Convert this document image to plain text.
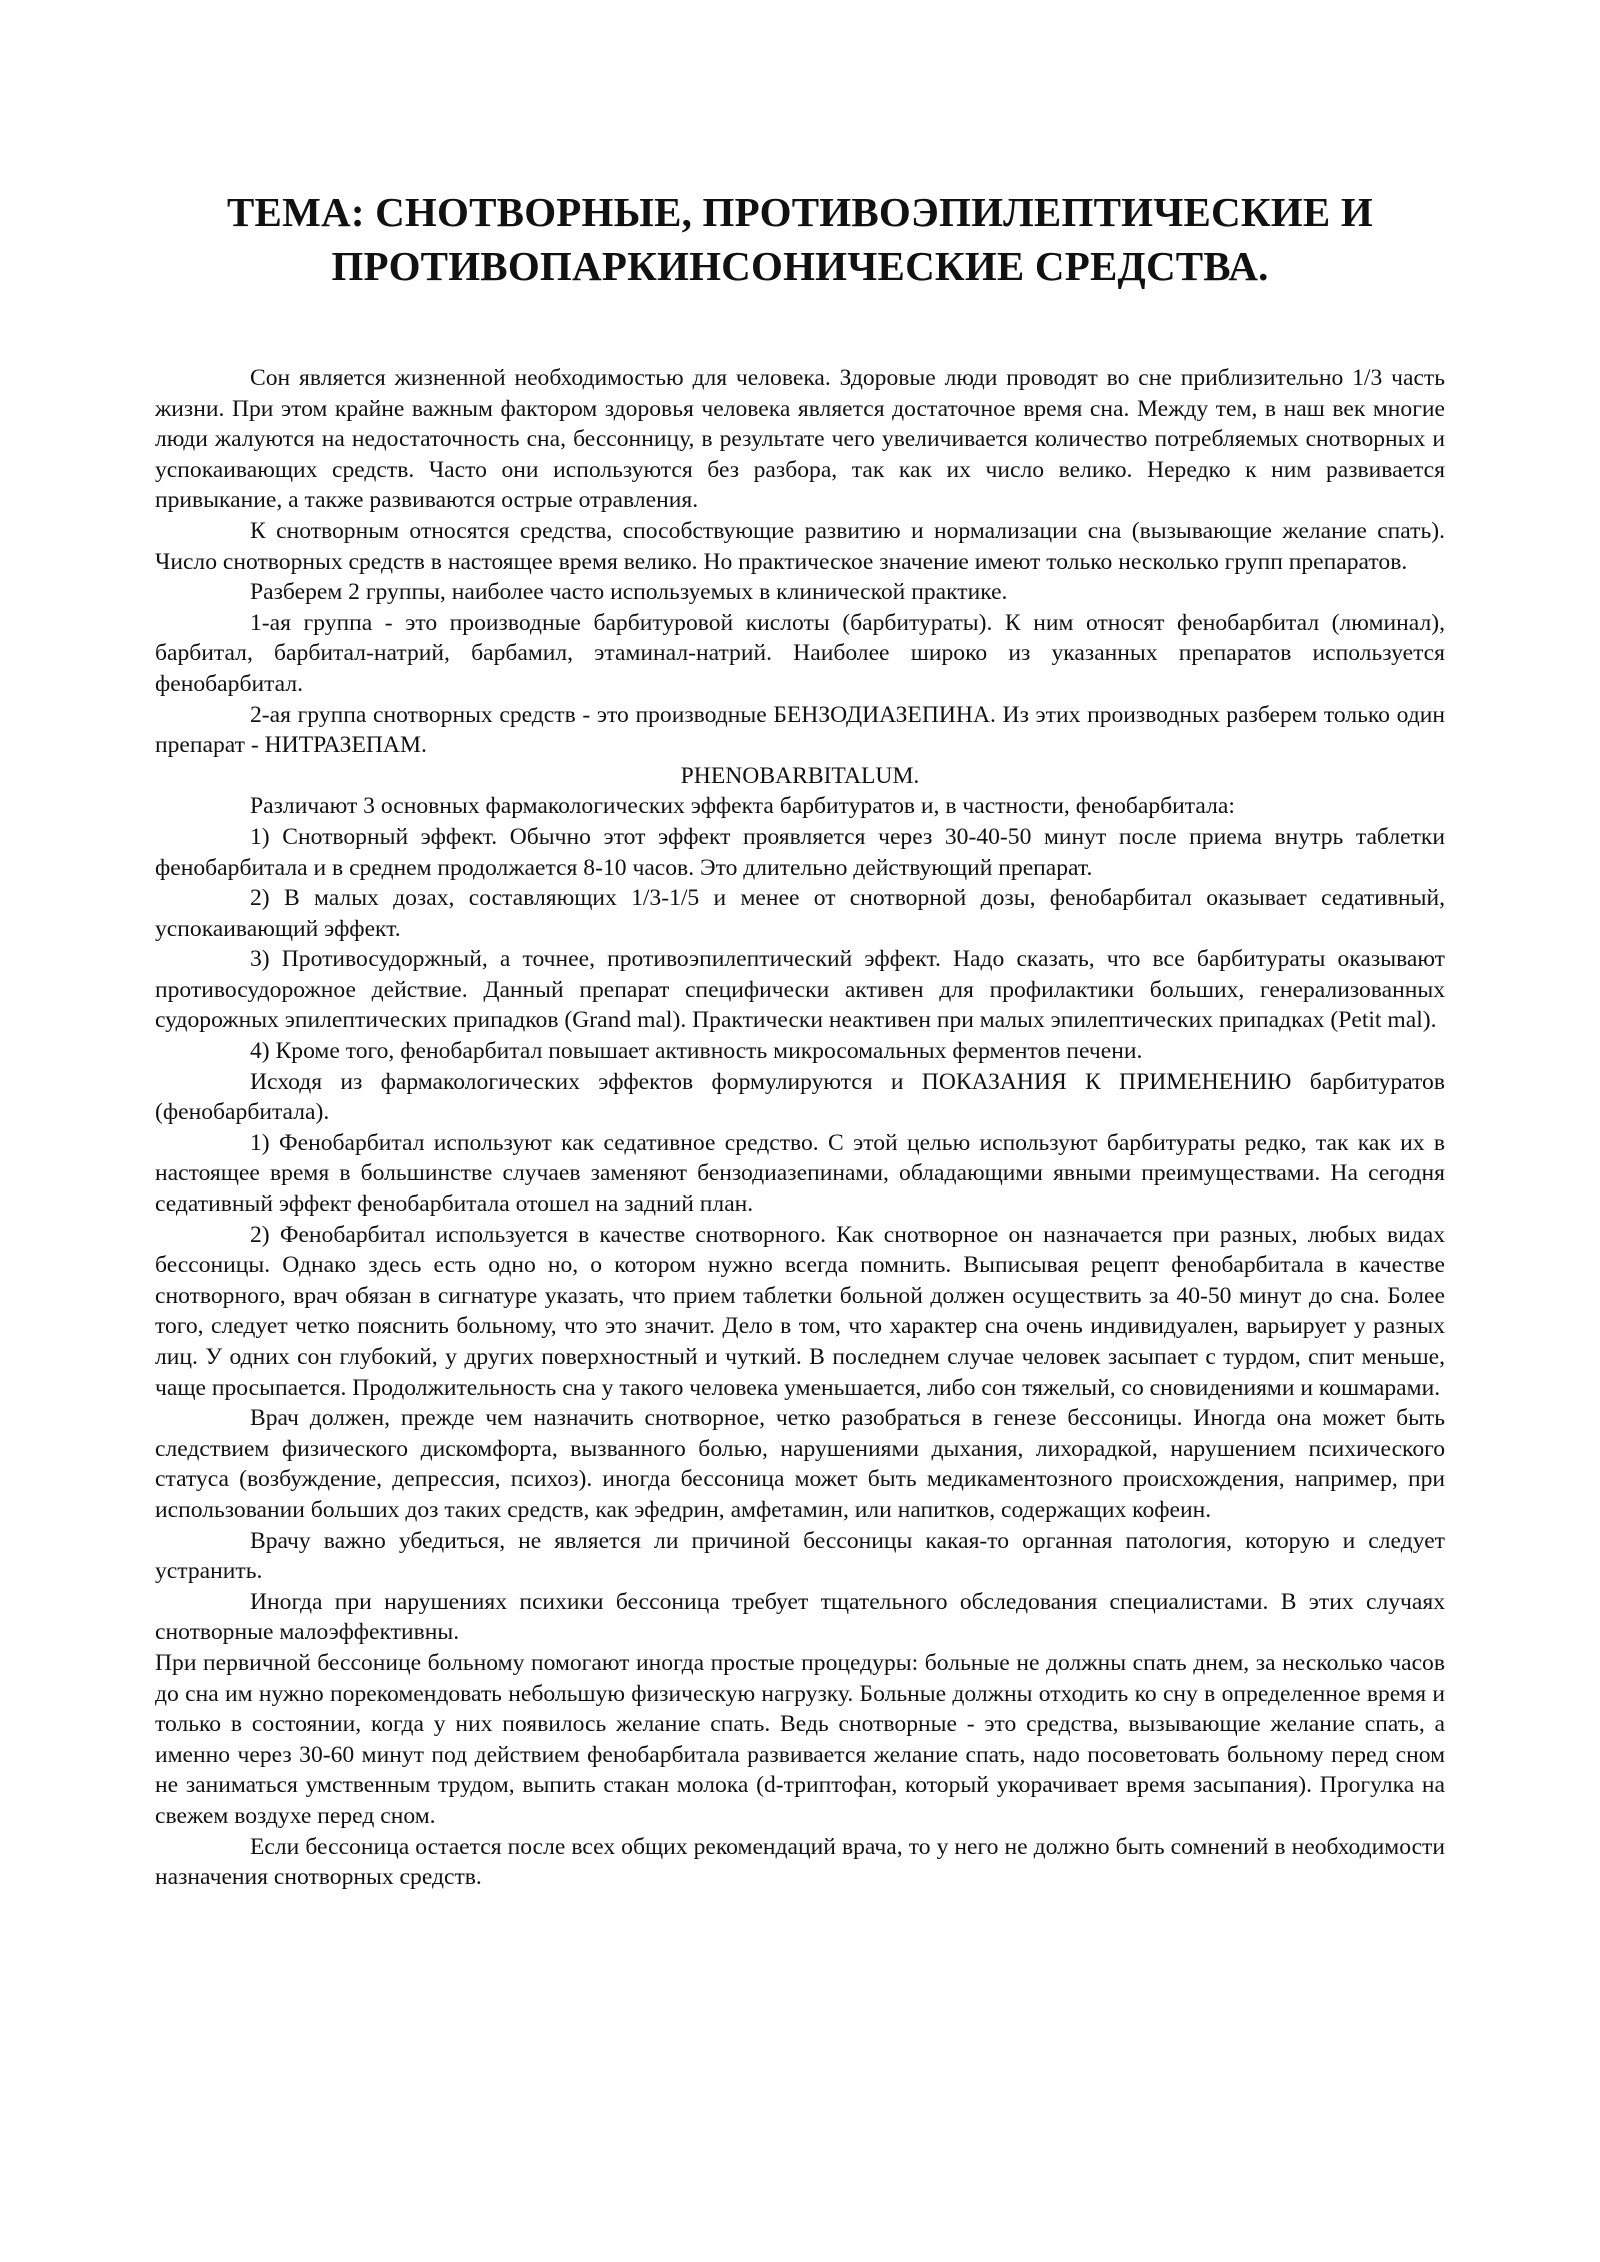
ТЕМА: СНОТВОРНЫЕ, ПРОТИВОЭПИЛЕПТИЧЕСКИЕ И
ПРОТИВОПАРКИНСОНИЧЕСКИЕ СРЕДСТВА.

Сон является жизненной необходимостью для человека. Здоровые люди проводят во сне приблизительно 1/3 часть жизни. При этом крайне важным фактором здоровья человека является достаточное время сна. Между тем, в наш век многие люди жалуются на недостаточность сна, бессонницу, в результате чего увеличивается количество потребляемых снотворных и успокаивающих средств. Часто они используются без разбора, так как их число велико. Нередко к ним развивается привыкание, а также развиваются острые отравления.

К снотворным относятся средства, способствующие развитию и нормализации сна (вызывающие желание спать). Число снотворных средств в настоящее время велико. Но практическое значение имеют только несколько групп препаратов.

Разберем 2 группы, наиболее часто используемых в клинической практике.

1-ая группа - это производные барбитуровой кислоты (барбитураты). К ним относят фенобарбитал (люминал), барбитал, барбитал-натрий, барбамил, этаминал-натрий. Наиболее широко из указанных препаратов используется фенобарбитал.

2-ая группа снотворных средств - это производные БЕНЗОДИАЗЕПИНА. Из этих производных разберем только один препарат - НИТРАЗЕПАМ.

PHENOBARBITALUM.

Различают 3 основных фармакологических эффекта барбитуратов и, в частности, фенобарбитала:

1) Снотворный эффект. Обычно этот эффект проявляется через 30-40-50 минут после приема внутрь таблетки фенобарбитала и в среднем продолжается 8-10 часов. Это длительно действующий препарат.

2) В малых дозах, составляющих 1/3-1/5 и менее от снотворной дозы, фенобарбитал оказывает седативный, успокаивающий эффект.

3) Противосудоржный, а точнее, противоэпилептический эффект. Надо сказать, что все барбитураты оказывают противосудорожное действие. Данный препарат специфически активен для профилактики больших, генерализованных судорожных эпилептических припадков (Grand mal). Практически неактивен при малых эпилептических припадках (Petit mal).

4) Кроме того, фенобарбитал повышает активность микросомальных ферментов печени.

Исходя из фармакологических эффектов формулируются и ПОКАЗАНИЯ К ПРИМЕНЕНИЮ барбитуратов (фенобарбитала).

1) Фенобарбитал используют как седативное средство. С этой целью используют барбитураты редко, так как их в настоящее время в большинстве случаев заменяют бензодиазепинами, обладающими явными преимуществами. На сегодня седативный эффект фенобарбитала отошел на задний план.

2) Фенобарбитал используется в качестве снотворного. Как снотворное он назначается при разных, любых видах бессоницы. Однако здесь есть одно но, о котором нужно всегда помнить. Выписывая рецепт фенобарбитала в качестве снотворного, врач обязан в сигнатуре указать, что прием таблетки больной должен осуществить за 40-50 минут до сна. Более того, следует четко пояснить больному, что это значит. Дело в том, что характер сна очень индивидуален, варьирует у разных лиц. У одних сон глубокий, у других поверхностный и чуткий. В последнем случае человек засыпает с турдом, спит меньше, чаще просыпается. Продолжительность сна у такого человека уменьшается, либо сон тяжелый, со сновидениями и кошмарами.

Врач должен, прежде чем назначить снотворное, четко разобраться в генезе бессоницы. Иногда она может быть следствием физического дискомфорта, вызванного болью, нарушениями дыхания, лихорадкой, нарушением психического статуса (возбуждение, депрессия, психоз). иногда бессоница может быть медикаментозного происхождения, например, при использовании больших доз таких средств, как эфедрин, амфетамин, или напитков, содержащих кофеин.

Врачу важно убедиться, не является ли причиной бессоницы какая-то органная патология, которую и следует устранить.

Иногда при нарушениях психики бессоница требует тщательного обследования специалистами. В этих случаях снотворные малоэффективны.

При первичной бессонице больному помогают иногда простые процедуры: больные не должны спать днем, за несколько часов до сна им нужно порекомендовать небольшую физическую нагрузку. Больные должны отходить ко сну в определенное время и только в состоянии, когда у них появилось желание спать. Ведь снотворные - это средства, вызывающие желание спать, а именно через 30-60 минут под действием фенобарбитала развивается желание спать, надо посоветовать больному перед сном не заниматься умственным трудом, выпить стакан молока (d-триптофан, который укорачивает время засыпания). Прогулка на свежем воздухе перед сном.

Если бессоница остается после всех общих рекомендаций врача, то у него не должно быть сомнений в необходимости назначения снотворных средств.
